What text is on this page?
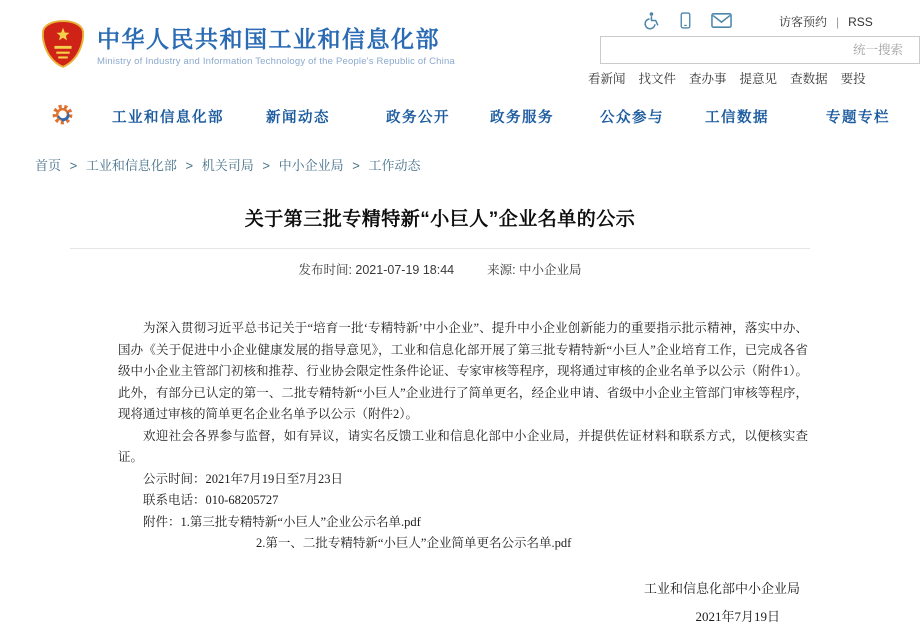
中华人民共和国工业和信息化部
Ministry of Industry and Information Technology of the People's Republic of China
访客预约 | RSS
统一搜索
看新闻 找文件 查办事 提意见 查数据 要投
工业和信息化部	新闻动态	政务公开	政务服务	公众参与	工信数据	专题专栏
首页 > 工业和信息化部 > 机关司局 > 中小企业局 > 工作动态
关于第三批专精特新“小巨人”企业名单的公示
发布时间: 2021-07-19 18:44	来源: 中小企业局

为深入贯彻习近平总书记关于“培育一批‘专精特新’中小企业”、提升中小企业创新能力的重要指示批示精神，落实中办、国办《关于促进中小企业健康发展的指导意见》，工业和信息化部开展了第三批专精特新“小巨人”企业培育工作，已完成各省级中小企业主管部门初核和推荐、行业协会限定性条件论证、专家审核等程序，现将通过审核的企业名单予以公示（附件1）。此外，有部分已认定的第一、二批专精特新“小巨人”企业进行了简单更名，经企业申请、省级中小企业主管部门审核等程序，现将通过审核的简单更名企业名单予以公示（附件2）。

欢迎社会各界参与监督，如有异议，请实名反馈工业和信息化部中小企业局，并提供佐证材料和联系方式，以便核实查证。

公示时间：2021年7月19日至7月23日

联系电话：010-68205727

附件：1.第三批专精特新“小巨人”企业公示名单.pdf

2.第一、二批专精特新“小巨人”企业简单更名公示名单.pdf

工业和信息化部中小企业局
2021年7月19日
